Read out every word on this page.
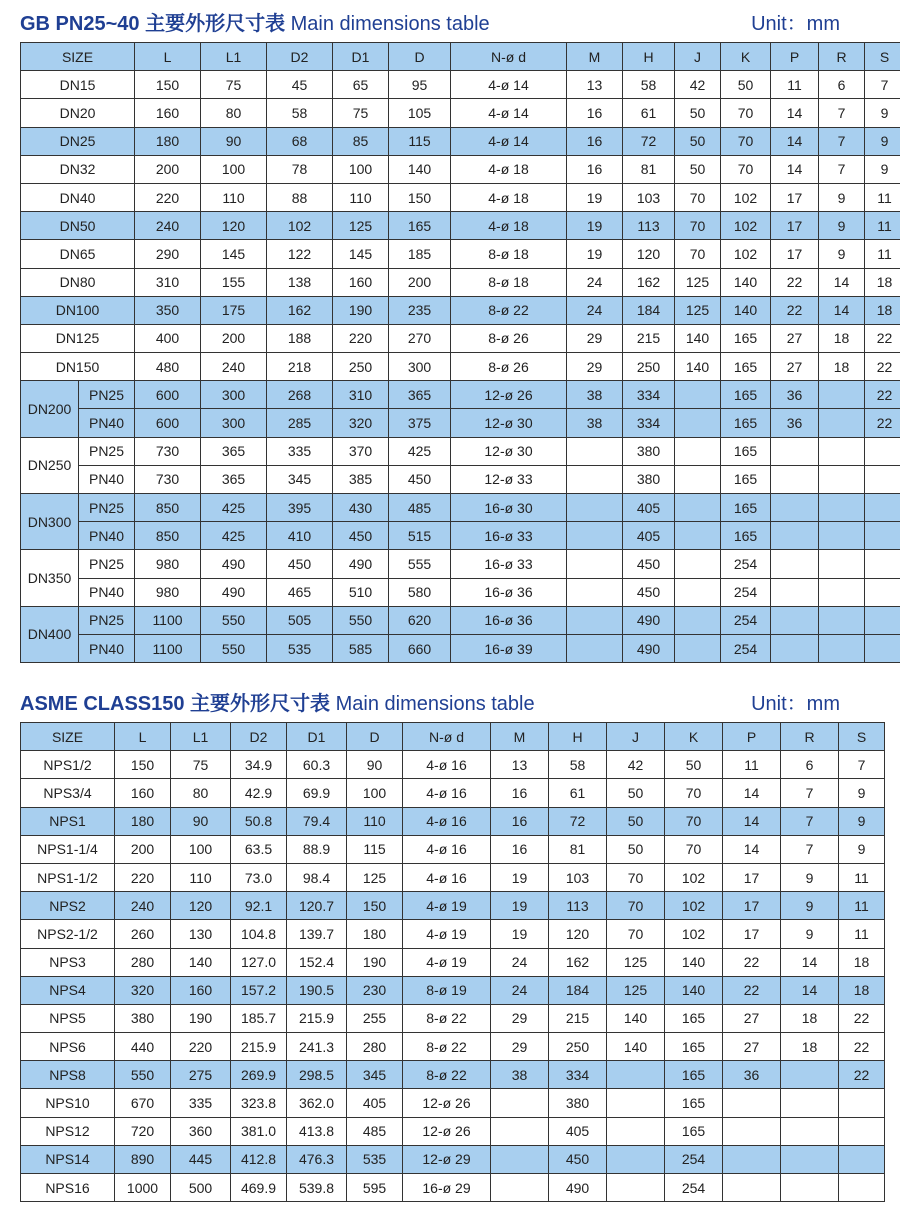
GB PN25~40 主要外形尺寸表 Main dimensions table	Unit：mm
SIZE		L	L1	D2	D1	D	N-ø d	M	H	J	K	P	R	S
DN15		150	75	45	65	95	4-ø 14	13	58	42	50	11	6	7
DN20		160	80	58	75	105	4-ø 14	16	61	50	70	14	7	9
DN25		180	90	68	85	115	4-ø 14	16	72	50	70	14	7	9
DN32		200	100	78	100	140	4-ø 18	16	81	50	70	14	7	9
DN40		220	110	88	110	150	4-ø 18	19	103	70	102	17	9	11
DN50		240	120	102	125	165	4-ø 18	19	113	70	102	17	9	11
DN65		290	145	122	145	185	8-ø 18	19	120	70	102	17	9	11
DN80		310	155	138	160	200	8-ø 18	24	162	125	140	22	14	18
DN100		350	175	162	190	235	8-ø 22	24	184	125	140	22	14	18
DN125		400	200	188	220	270	8-ø 26	29	215	140	165	27	18	22
DN150		480	240	218	250	300	8-ø 26	29	250	140	165	27	18	22
DN200	PN25	600	300	268	310	365	12-ø 26	38	334		165	36		22
	PN40	600	300	285	320	375	12-ø 30	38	334		165	36		22
DN250	PN25	730	365	335	370	425	12-ø 30		380		165			
	PN40	730	365	345	385	450	12-ø 33		380		165			
DN300	PN25	850	425	395	430	485	16-ø 30		405		165			
	PN40	850	425	410	450	515	16-ø 33		405		165			
DN350	PN25	980	490	450	490	555	16-ø 33		450		254			
	PN40	980	490	465	510	580	16-ø 36		450		254			
DN400	PN25	1100	550	505	550	620	16-ø 36		490		254			
	PN40	1100	550	535	585	660	16-ø 39		490		254			
ASME CLASS150 主要外形尺寸表 Main dimensions table	Unit：mm
SIZE	L	L1	D2	D1	D	N-ø d	M	H	J	K	P	R	S
NPS1/2	150	75	34.9	60.3	90	4-ø 16	13	58	42	50	11	6	7
NPS3/4	160	80	42.9	69.9	100	4-ø 16	16	61	50	70	14	7	9
NPS1	180	90	50.8	79.4	110	4-ø 16	16	72	50	70	14	7	9
NPS1-1/4	200	100	63.5	88.9	115	4-ø 16	16	81	50	70	14	7	9
NPS1-1/2	220	110	73.0	98.4	125	4-ø 16	19	103	70	102	17	9	11
NPS2	240	120	92.1	120.7	150	4-ø 19	19	113	70	102	17	9	11
NPS2-1/2	260	130	104.8	139.7	180	4-ø 19	19	120	70	102	17	9	11
NPS3	280	140	127.0	152.4	190	4-ø 19	24	162	125	140	22	14	18
NPS4	320	160	157.2	190.5	230	8-ø 19	24	184	125	140	22	14	18
NPS5	380	190	185.7	215.9	255	8-ø 22	29	215	140	165	27	18	22
NPS6	440	220	215.9	241.3	280	8-ø 22	29	250	140	165	27	18	22
NPS8	550	275	269.9	298.5	345	8-ø 22	38	334		165	36		22
NPS10	670	335	323.8	362.0	405	12-ø 26		380		165			
NPS12	720	360	381.0	413.8	485	12-ø 26		405		165			
NPS14	890	445	412.8	476.3	535	12-ø 29		450		254			
NPS16	1000	500	469.9	539.8	595	16-ø 29		490		254			
